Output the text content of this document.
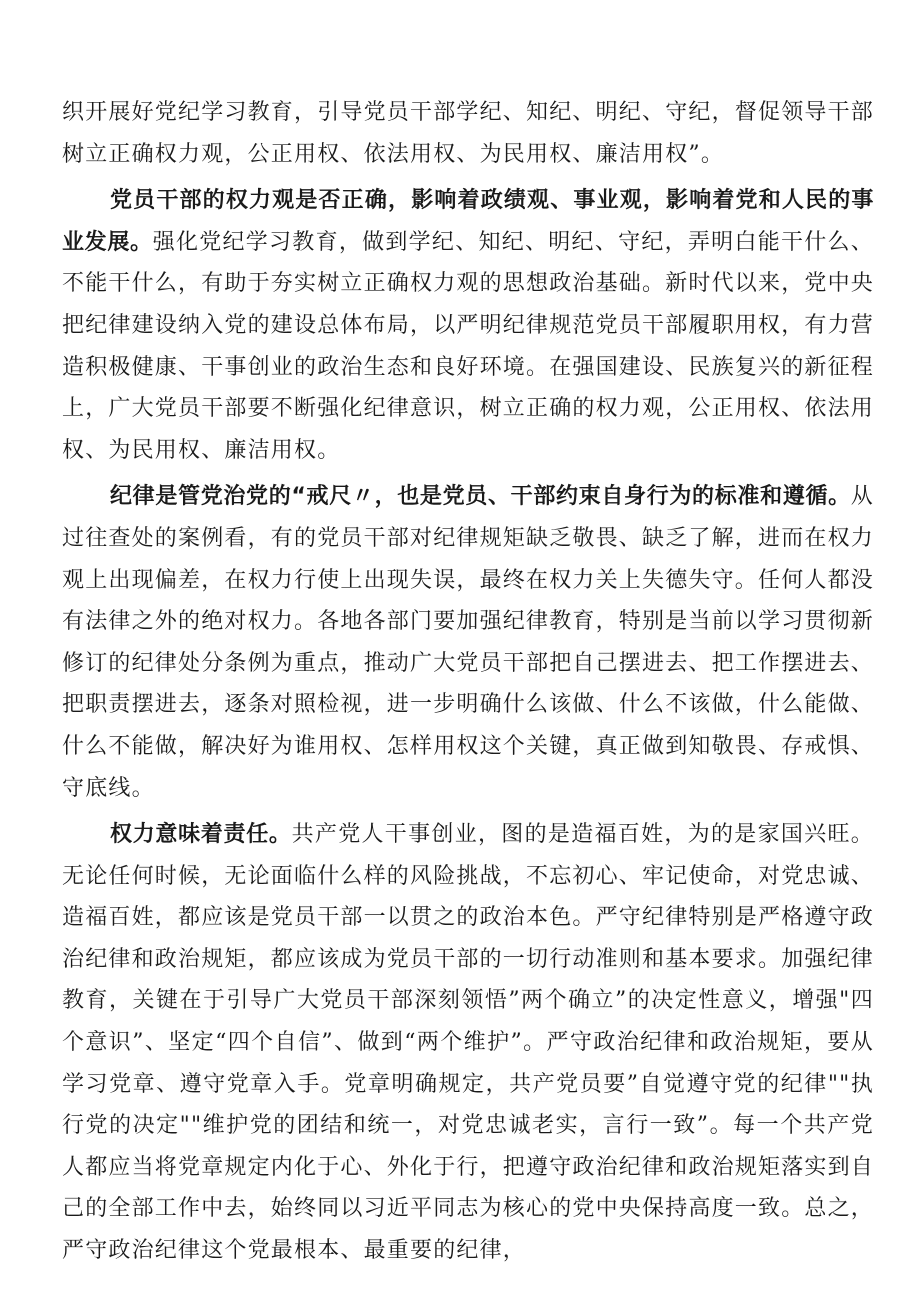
织开展好党纪学习教育，引导党员干部学纪、知纪、明纪、守纪，督促领导干部树立正确权力观，公正用权、依法用权、为民用权、廉洁用权”。

党员干部的权力观是否正确，影响着政绩观、事业观，影响着党和人民的事业发展。强化党纪学习教育，做到学纪、知纪、明纪、守纪，弄明白能干什么、不能干什么，有助于夯实树立正确权力观的思想政治基础。新时代以来，党中央把纪律建设纳入党的建设总体布局，以严明纪律规范党员干部履职用权，有力营造积极健康、干事创业的政治生态和良好环境。在强国建设、民族复兴的新征程上，广大党员干部要不断强化纪律意识，树立正确的权力观，公正用权、依法用权、为民用权、廉洁用权。

纪律是管党治党的“戒尺〃，也是党员、干部约束自身行为的标准和遵循。从过往查处的案例看，有的党员干部对纪律规矩缺乏敬畏、缺乏了解，进而在权力观上出现偏差，在权力行使上出现失误，最终在权力关上失德失守。任何人都没有法律之外的绝对权力。各地各部门要加强纪律教育，特别是当前以学习贯彻新修订的纪律处分条例为重点，推动广大党员干部把自己摆进去、把工作摆进去、把职责摆进去，逐条对照检视，进一步明确什么该做、什么不该做，什么能做、什么不能做，解决好为谁用权、怎样用权这个关键，真正做到知敬畏、存戒惧、守底线。

权力意味着责任。共产党人干事创业，图的是造福百姓，为的是家国兴旺。无论任何时候，无论面临什么样的风险挑战，不忘初心、牢记使命，对党忠诚、造福百姓，都应该是党员干部一以贯之的政治本色。严守纪律特别是严格遵守政治纪律和政治规矩，都应该成为党员干部的一切行动准则和基本要求。加强纪律教育，关键在于引导广大党员干部深刻领悟”两个确立”的决定性意义，增强"四个意识”、坚定“四个自信”、做到“两个维护”。严守政治纪律和政治规矩，要从学习党章、遵守党章入手。党章明确规定，共产党员要”自觉遵守党的纪律""执行党的决定""维护党的团结和统一，对党忠诚老实，言行一致”。每一个共产党人都应当将党章规定内化于心、外化于行，把遵守政治纪律和政治规矩落实到自己的全部工作中去，始终同以习近平同志为核心的党中央保持高度一致。总之，严守政治纪律这个党最根本、最重要的纪律，
